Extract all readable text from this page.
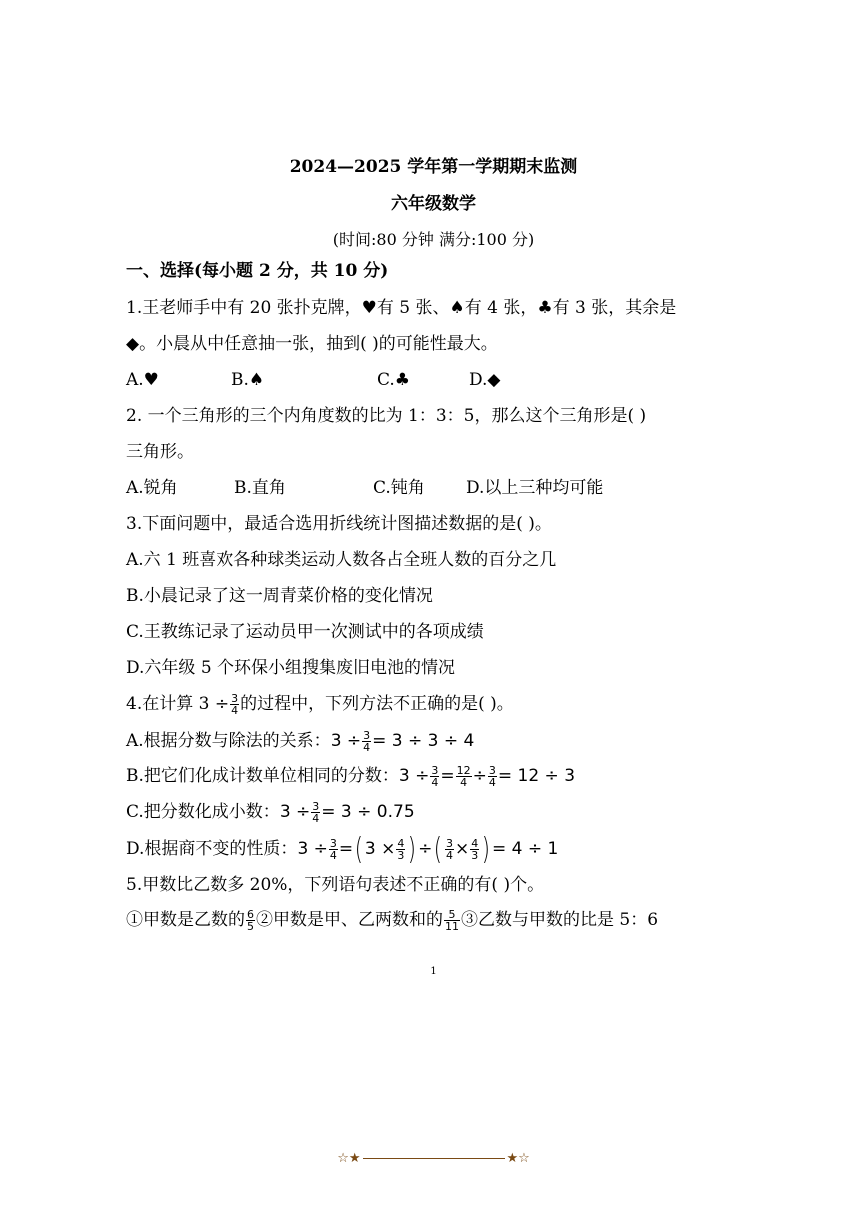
2024—2025 学年第一学期期末监测
六年级数学
(时间:80 分钟 满分:100 分)
一、选择(每小题 2 分，共 10 分)
1.王老师手中有 20 张扑克牌，♥有 5 张、♠有 4 张，♣有 3 张，其余是
◆。小晨从中任意抽一张，抽到( )的可能性最大。
A.♥	B.♠	C.♣	D.◆
2. 一个三角形的三个内角度数的比为 1：3：5，那么这个三角形是( )
三角形。
A.锐角	B.直角	C.钝角 D.以上三种均可能
3.下面问题中，最适合选用折线统计图描述数据的是( )。
A.六 1 班喜欢各种球类运动人数各占全班人数的百分之几
B.小晨记录了这一周青菜价格的变化情况
C.王教练记录了运动员甲一次测试中的各项成绩
D.六年级 5 个环保小组搜集废旧电池的情况
4.在计算 $3 \div \frac{3}{4}$ 的过程中，下列方法不正确的是( )。
A.根据分数与除法的关系：$3 \div \frac{3}{4} = 3 \div 3 \div 4$
B.把它们化成计数单位相同的分数：$3 \div \frac{3}{4} = \frac{12}{4} \div \frac{3}{4} = 12 \div 3$
C.把分数化成小数：$3 \div \frac{3}{4} = 3 \div 0.75$
D.根据商不变的性质：$3 \div \frac{3}{4}$ =( $3 \times \frac{4}{3}$ ) ÷( $\frac{3}{4} \times \frac{4}{3}$ ) = 4 ÷ 1
5.甲数比乙数多 20%，下列语句表述不正确的有( )个。
①甲数是乙数的 $\frac{6}{5}$ ②甲数是甲、乙两数和的 $\frac{5}{11}$ ③乙数与甲数的比是 5：6
1
☆★	★☆
